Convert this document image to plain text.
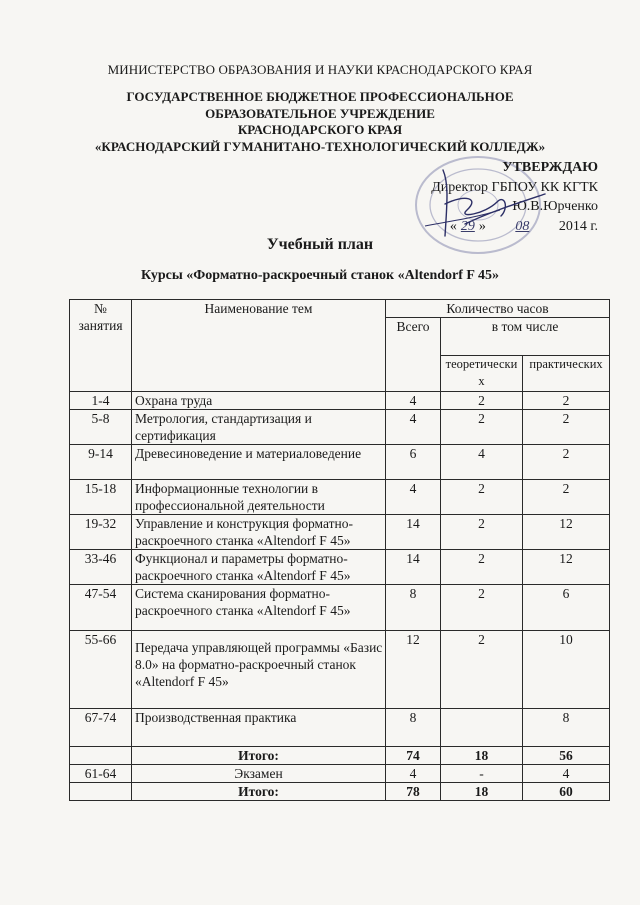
МИНИСТЕРСТВО ОБРАЗОВАНИЯ И НАУКИ КРАСНОДАРСКОГО КРАЯ
ГОСУДАРСТВЕННОЕ БЮДЖЕТНОЕ ПРОФЕССИОНАЛЬНОЕ
ОБРАЗОВАТЕЛЬНОЕ УЧРЕЖДЕНИЕ
КРАСНОДАРСКОГО КРАЯ
«КРАСНОДАРСКИЙ ГУМАНИТАНО-ТЕХНОЛОГИЧЕСКИЙ КОЛЛЕДЖ»
УТВЕРЖДАЮ
Директор ГБПОУ КК КГТК
Ю.В.Юрченко
« 29 » 08 2014 г.
Учебный план
Курсы «Форматно-раскроечный станок «Altendorf F 45»
№ занятия	Наименование тем	Количество часов		
		Всего	в том числе	
			теоретических	практических
1-4	Охрана труда	4	2	2
5-8	Метрология, стандартизация и сертификация	4	2	2
9-14	Древесиноведение и материаловедение	6	4	2
15-18	Информационные технологии в профессиональной деятельности	4	2	2
19-32	Управление и конструкция форматно-раскроечного станка «Altendorf F 45»	14	2	12
33-46	Функционал и параметры форматно-раскроечного станка «Altendorf F 45»	14	2	12
47-54	Система сканирования форматно-раскроечного станка «Altendorf F 45»	8	2	6
55-66	Передача управляющей программы «Базис 8.0» на форматно-раскроечный станок «Altendorf F 45»	12	2	10
67-74	Производственная практика	8		8
	Итого:	74	18	56
61-64	Экзамен	4	-	4
	Итого:	78	18	60
